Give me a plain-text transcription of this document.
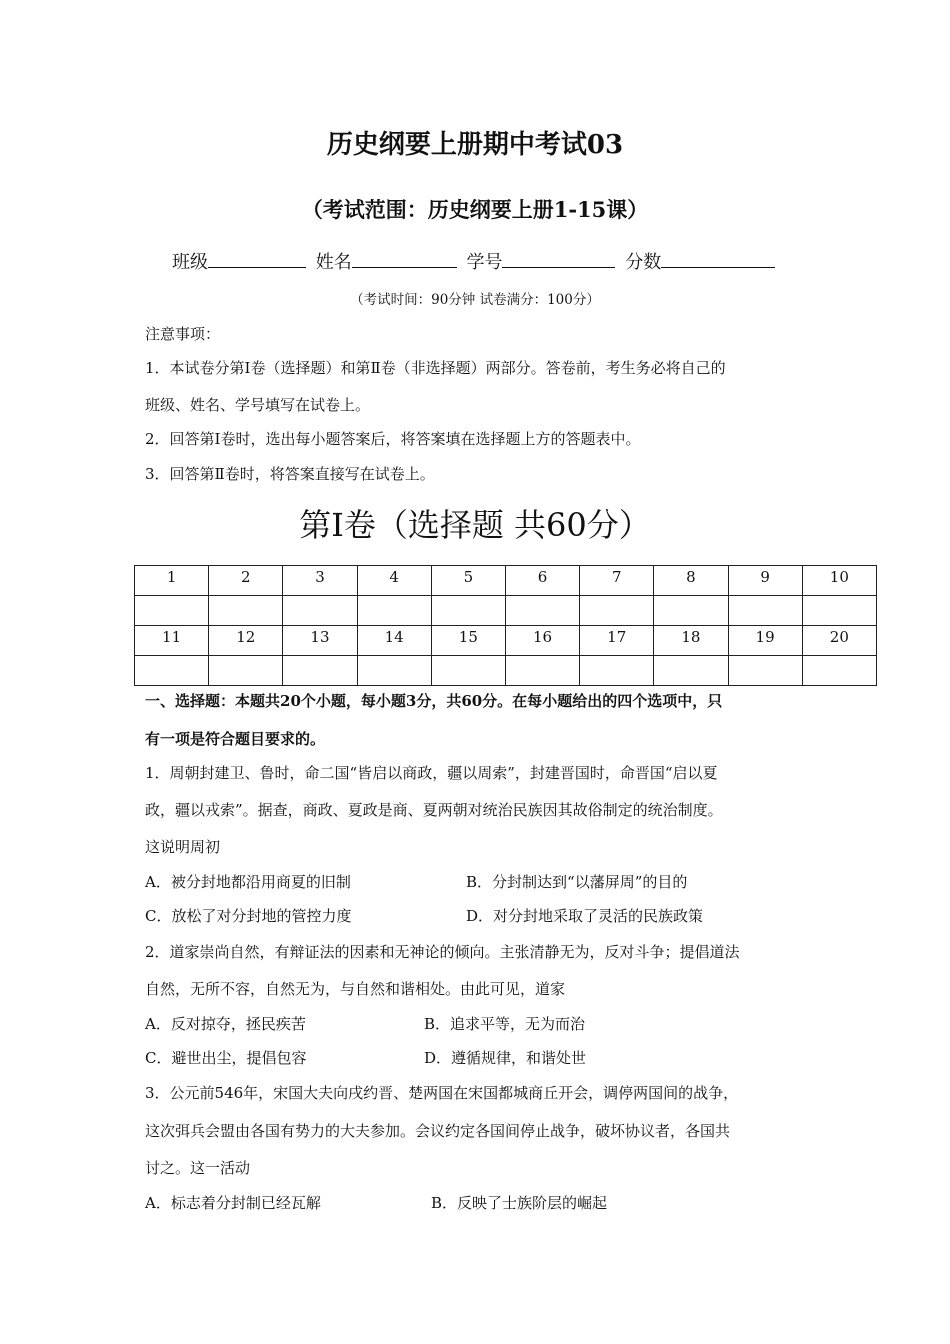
历史纲要上册期中考试03
（考试范围：历史纲要上册1-15课）
班级	姓名	学号	分数
（考试时间：90分钟 试卷满分：100分）
注意事项：
1．本试卷分第Ⅰ卷（选择题）和第Ⅱ卷（非选择题）两部分。答卷前，考生务必将自己的
班级、姓名、学号填写在试卷上。
2．回答第Ⅰ卷时，选出每小题答案后，将答案填在选择题上方的答题表中。
3．回答第Ⅱ卷时，将答案直接写在试卷上。
第Ⅰ卷（选择题 共60分）
1	2	3	4	5	6	7	8	9	10

11	12	13	14	15	16	17	18	19	20

一、选择题：本题共20个小题，每小题3分，共60分。在每小题给出的四个选项中，只
有一项是符合题目要求的。
1．周朝封建卫、鲁时，命二国“皆启以商政，疆以周索”，封建晋国时，命晋国“启以夏
政，疆以戎索”。据查，商政、夏政是商、夏两朝对统治民族因其故俗制定的统治制度。
这说明周初
A．被分封地都沿用商夏的旧制	B．分封制达到“以藩屏周”的目的
C．放松了对分封地的管控力度	D．对分封地采取了灵活的民族政策
2．道家崇尚自然，有辩证法的因素和无神论的倾向。主张清静无为，反对斗争；提倡道法
自然，无所不容，自然无为，与自然和谐相处。由此可见，道家
A．反对掠夺，拯民疾苦	B．追求平等，无为而治
C．避世出尘，提倡包容	D．遵循规律，和谐处世
3．公元前546年，宋国大夫向戌约晋、楚两国在宋国都城商丘开会，调停两国间的战争，
这次弭兵会盟由各国有势力的大夫参加。会议约定各国间停止战争，破坏协议者，各国共
讨之。这一活动
A．标志着分封制已经瓦解	B．反映了士族阶层的崛起
